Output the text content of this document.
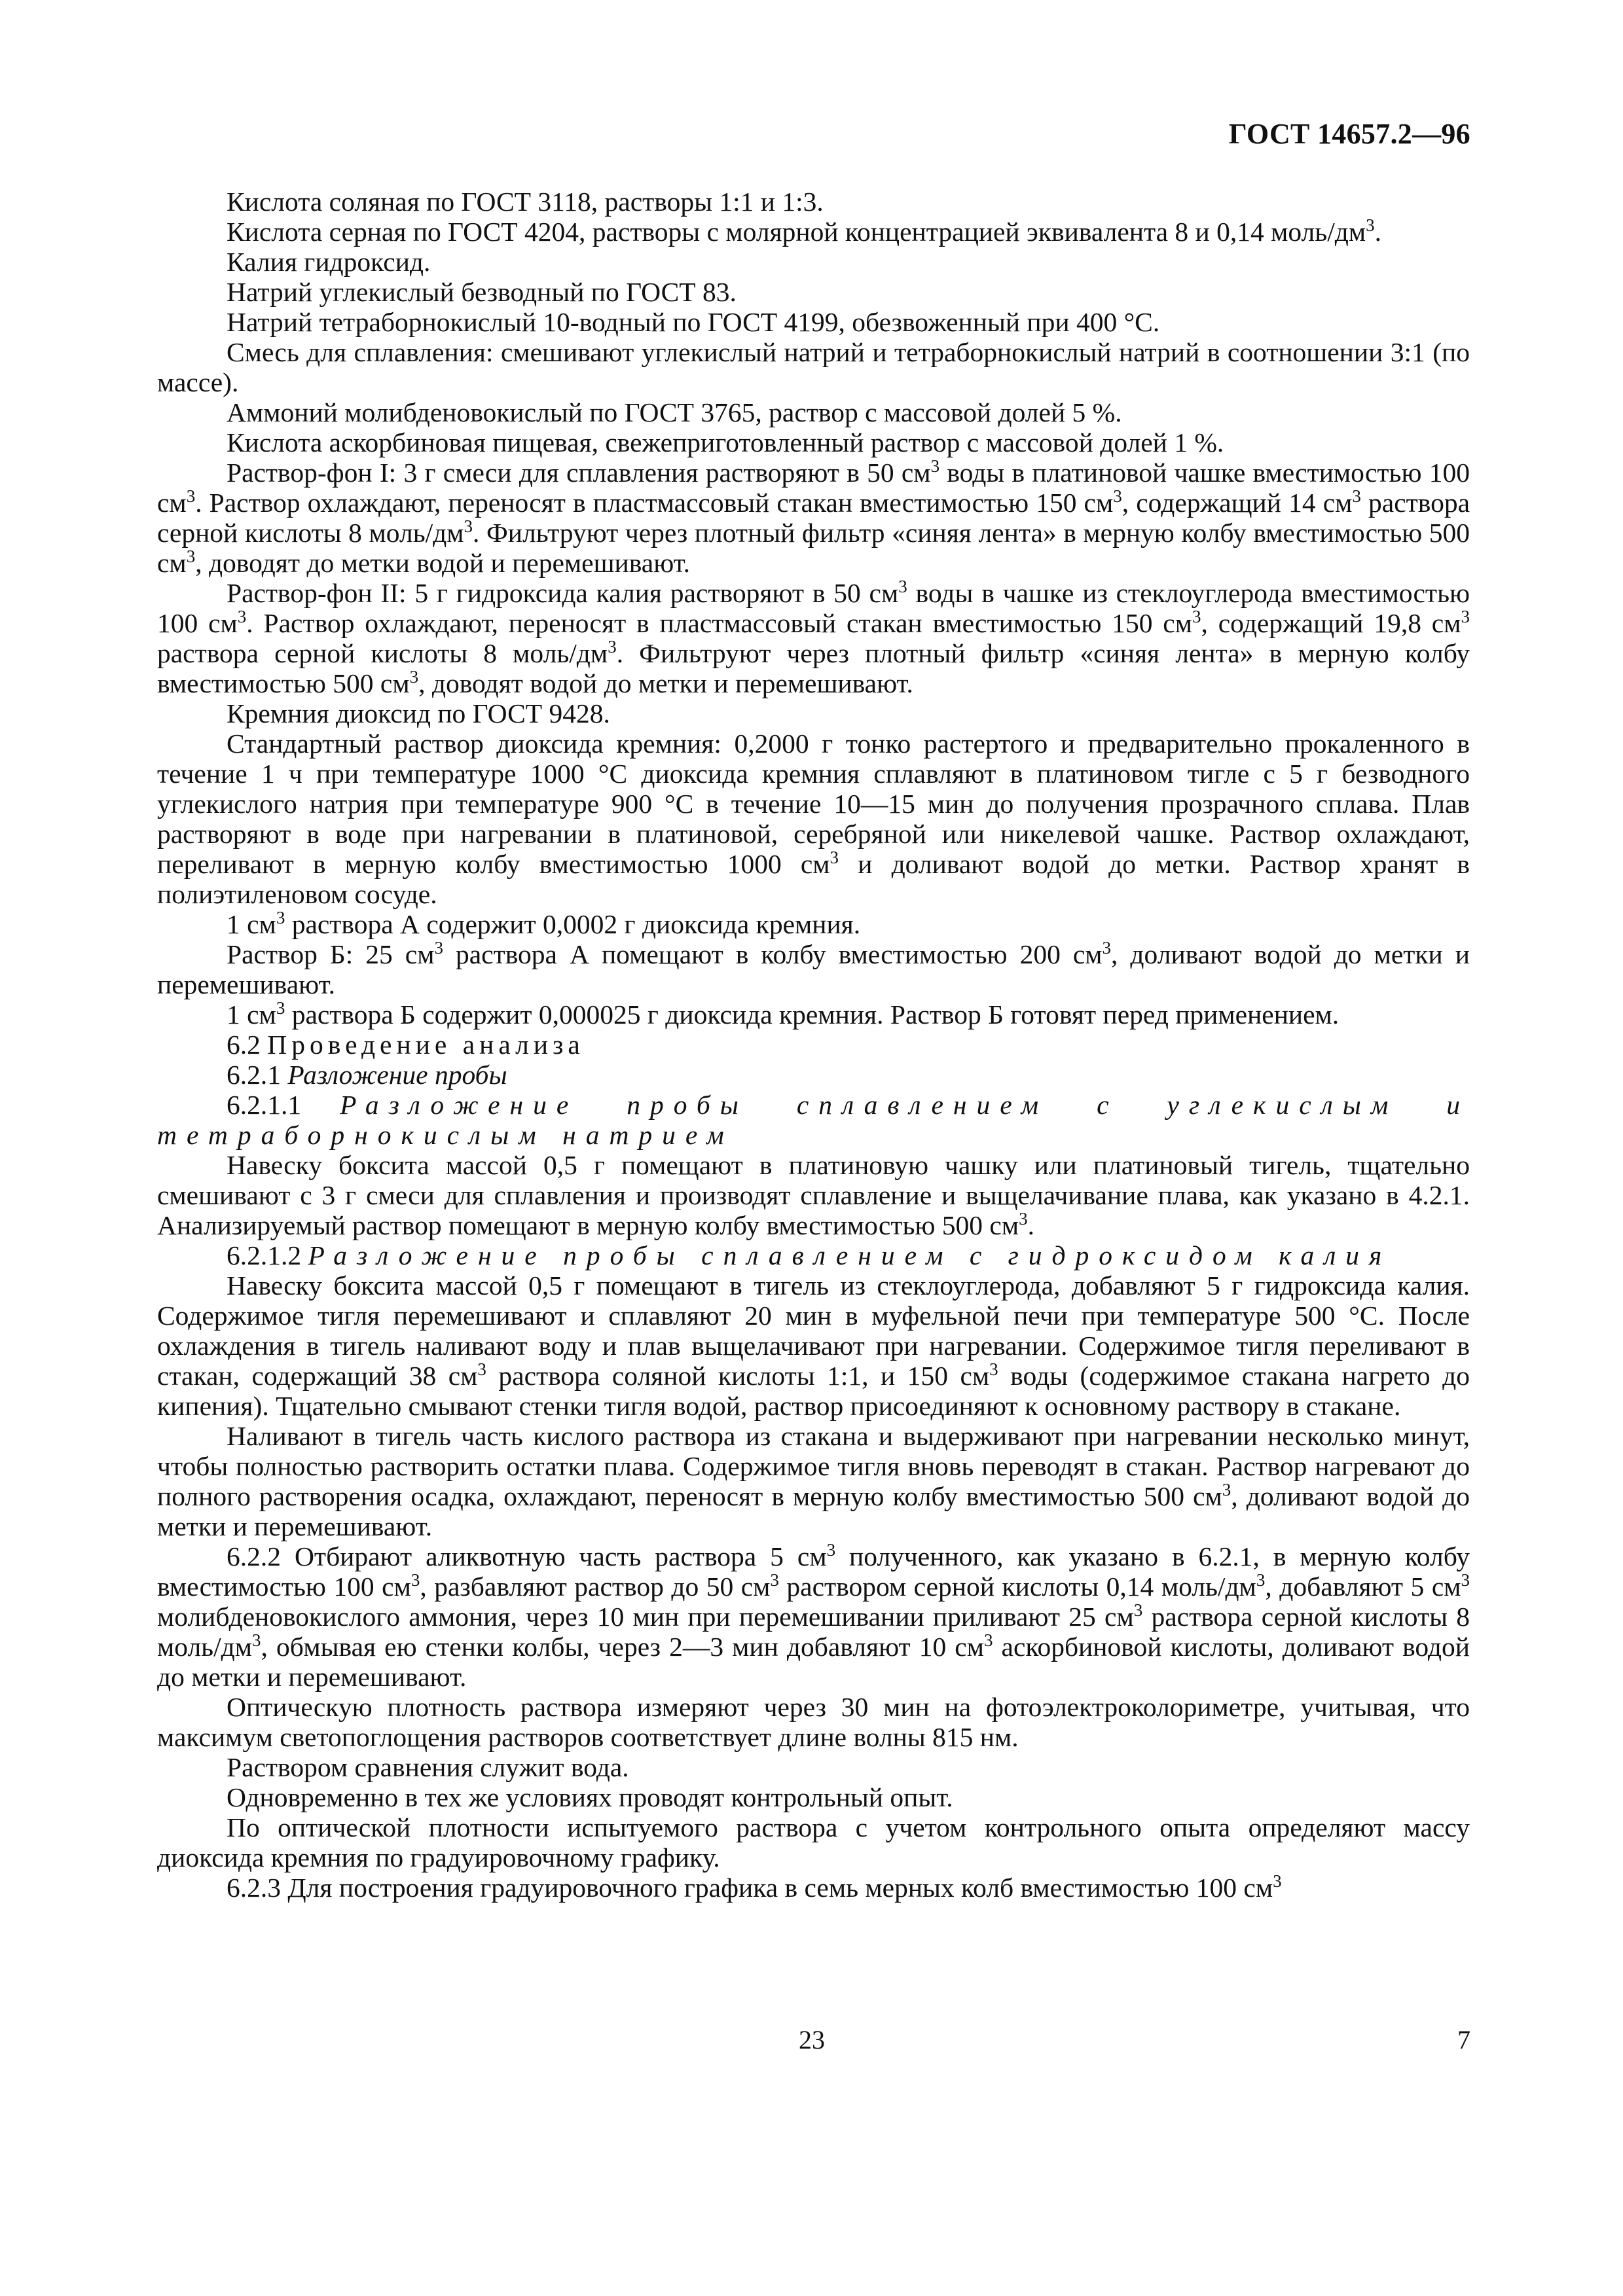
ГОСТ 14657.2—96

Кислота соляная по ГОСТ 3118, растворы 1:1 и 1:3.

Кислота серная по ГОСТ 4204, растворы с молярной концентрацией эквивалента 8 и 0,14 моль/$дм^3$.

Калия гидроксид.

Натрий углекислый безводный по ГОСТ 83.

Натрий тетраборнокислый 10-водный по ГОСТ 4199, обезвоженный при 400 °С.

Смесь для сплавления: смешивают углекислый натрий и тетраборнокислый натрий в соотношении 3:1 (по массе).

Аммоний молибденовокислый по ГОСТ 3765, раствор с массовой долей 5 %.

Кислота аскорбиновая пищевая, свежеприготовленный раствор с массовой долей 1 %.

Раствор-фон I: 3 г смеси для сплавления растворяют в 50 $см^3$ воды в платиновой чашке вместимостью 100 $см^3$. Раствор охлаждают, переносят в пластмассовый стакан вместимостью 150 $см^3$, содержащий 14 $см^3$ раствора серной кислоты 8 моль/$дм^3$. Фильтруют через плотный фильтр «синяя лента» в мерную колбу вместимостью 500 $см^3$, доводят до метки водой и перемешивают.

Раствор-фон II: 5 г гидроксида калия растворяют в 50 $см^3$ воды в чашке из стеклоуглерода вместимостью 100 $см^3$. Раствор охлаждают, переносят в пластмассовый стакан вместимостью 150 $см^3$, содержащий 19,8 $см^3$ раствора серной кислоты 8 моль/$дм^3$. Фильтруют через плотный фильтр «синяя лента» в мерную колбу вместимостью 500 $см^3$, доводят водой до метки и перемешивают.

Кремния диоксид по ГОСТ 9428.

Стандартный раствор диоксида кремния: 0,2000 г тонко растертого и предварительно прокаленного в течение 1 ч при температуре 1000 °С диоксида кремния сплавляют в платиновом тигле с 5 г безводного углекислого натрия при температуре 900 °С в течение 10—15 мин до получения прозрачного сплава. Плав растворяют в воде при нагревании в платиновой, серебряной или никелевой чашке. Раствор охлаждают, переливают в мерную колбу вместимостью 1000 $см^3$ и доливают водой до метки. Раствор хранят в полиэтиленовом сосуде.

1 $см^3$ раствора А содержит 0,0002 г диоксида кремния.

Раствор Б: 25 $см^3$ раствора А помещают в колбу вместимостью 200 $см^3$, доливают водой до метки и перемешивают.

1 $см^3$ раствора Б содержит 0,000025 г диоксида кремния. Раствор Б готовят перед применением.

6.2 Проведение анализа

6.2.1 Разложение пробы

6.2.1.1 Разложение пробы сплавлением с углекислым и тетраборнокислым натрием

Навеску боксита массой 0,5 г помещают в платиновую чашку или платиновый тигель, тщательно смешивают с 3 г смеси для сплавления и производят сплавление и выщелачивание плава, как указано в 4.2.1. Анализируемый раствор помещают в мерную колбу вместимостью 500 $см^3$.

6.2.1.2 Разложение пробы сплавлением с гидроксидом калия

Навеску боксита массой 0,5 г помещают в тигель из стеклоуглерода, добавляют 5 г гидроксида калия. Содержимое тигля перемешивают и сплавляют 20 мин в муфельной печи при температуре 500 °С. После охлаждения в тигель наливают воду и плав выщелачивают при нагревании. Содержимое тигля переливают в стакан, содержащий 38 $см^3$ раствора соляной кислоты 1:1, и 150 $см^3$ воды (содержимое стакана нагрето до кипения). Тщательно смывают стенки тигля водой, раствор присоединяют к основному раствору в стакане.

Наливают в тигель часть кислого раствора из стакана и выдерживают при нагревании несколько минут, чтобы полностью растворить остатки плава. Содержимое тигля вновь переводят в стакан. Раствор нагревают до полного растворения осадка, охлаждают, переносят в мерную колбу вместимостью 500 $см^3$, доливают водой до метки и перемешивают.

6.2.2 Отбирают аликвотную часть раствора 5 $см^3$ полученного, как указано в 6.2.1, в мерную колбу вместимостью 100 $см^3$, разбавляют раствор до 50 $см^3$ раствором серной кислоты 0,14 моль/$дм^3$, добавляют 5 $см^3$ молибденовокислого аммония, через 10 мин при перемешивании приливают 25 $см^3$ раствора серной кислоты 8 моль/$дм^3$, обмывая ею стенки колбы, через 2—3 мин добавляют 10 $см^3$ аскорбиновой кислоты, доливают водой до метки и перемешивают.

Оптическую плотность раствора измеряют через 30 мин на фотоэлектроколориметре, учитывая, что максимум светопоглощения растворов соответствует длине волны 815 нм.

Раствором сравнения служит вода.

Одновременно в тех же условиях проводят контрольный опыт.

По оптической плотности испытуемого раствора с учетом контрольного опыта определяют массу диоксида кремния по градуировочному графику.

6.2.3 Для построения градуировочного графика в семь мерных колб вместимостью 100 $см^3$

23	7
